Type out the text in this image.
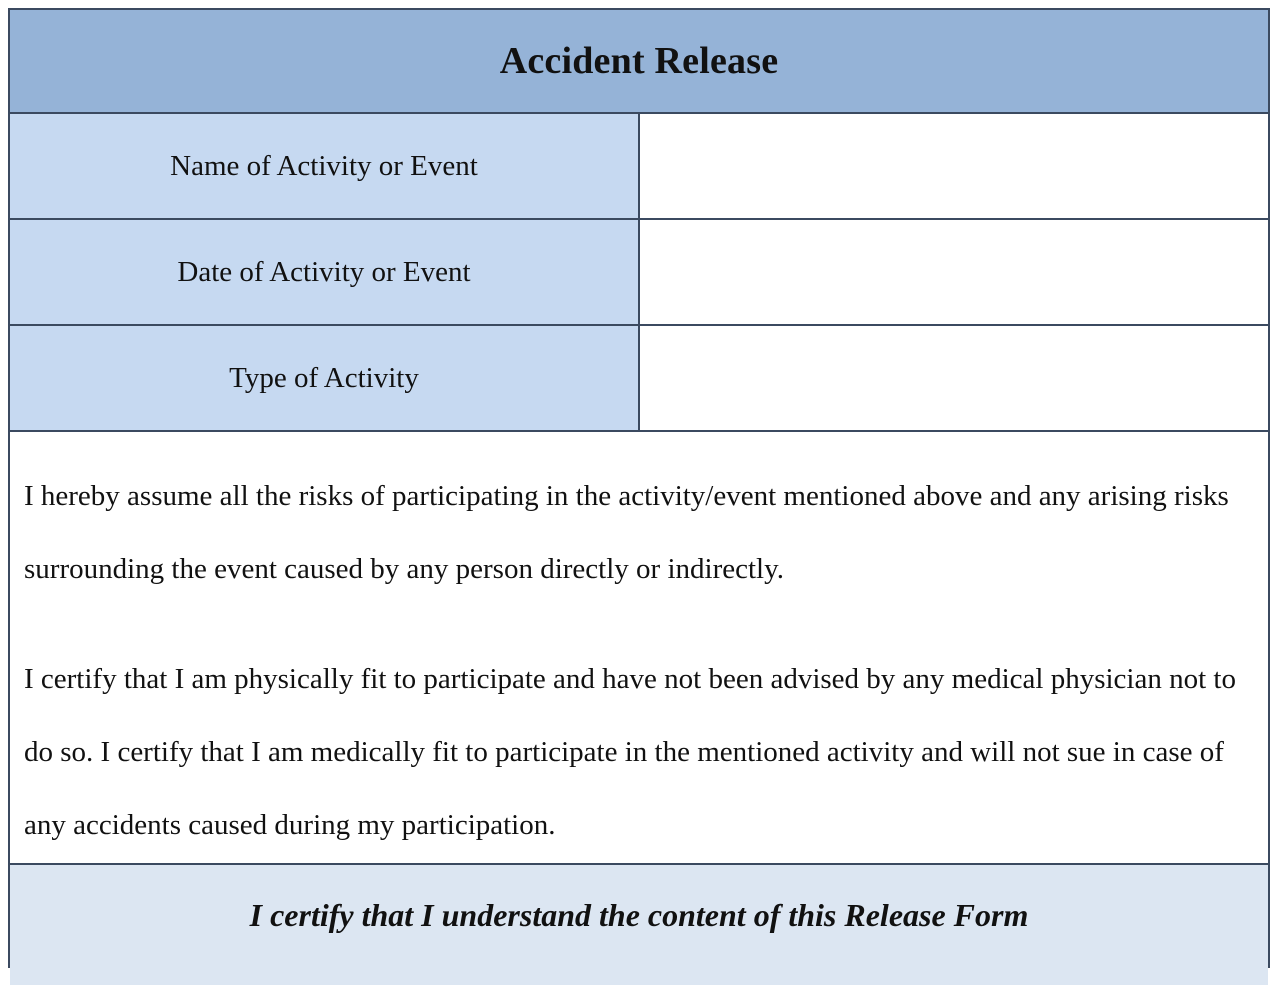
Accident Release
Name of Activity or Event
Date of Activity or Event
Type of Activity

I hereby assume all the risks of participating in the activity/event mentioned above and any arising risks surrounding the event caused by any person directly or indirectly.

I certify that I am physically fit to participate and have not been advised by any medical physician not to do so. I certify that I am medically fit to participate in the mentioned activity and will not sue in case of any accidents caused during my participation.

I certify that I understand the content of this Release Form
